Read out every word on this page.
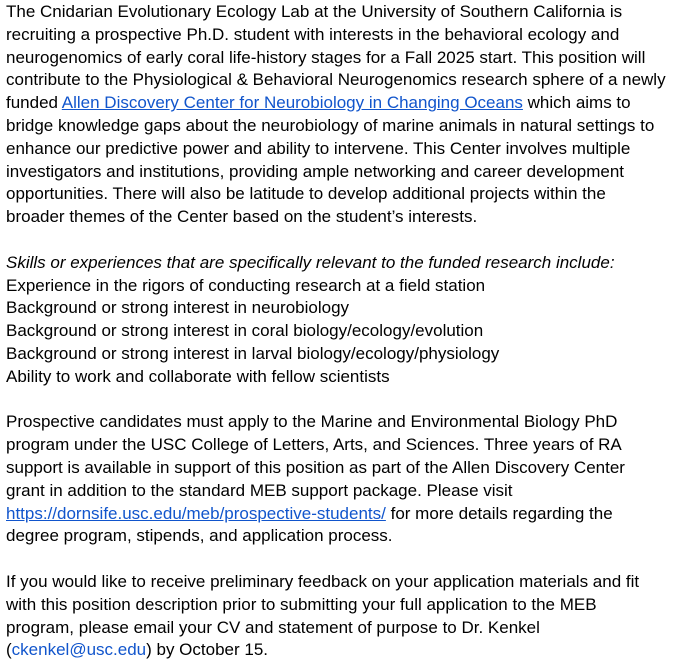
The Cnidarian Evolutionary Ecology Lab at the University of Southern California is

recruiting a prospective Ph.D. student with interests in the behavioral ecology and

neurogenomics of early coral life-history stages for a Fall 2025 start. This position will

contribute to the Physiological & Behavioral Neurogenomics research sphere of a newly

funded Allen Discovery Center for Neurobiology in Changing Oceans which aims to

bridge knowledge gaps about the neurobiology of marine animals in natural settings to

enhance our predictive power and ability to intervene. This Center involves multiple

investigators and institutions, providing ample networking and career development

opportunities. There will also be latitude to develop additional projects within the

broader themes of the Center based on the student’s interests.

Skills or experiences that are specifically relevant to the funded research include:

Experience in the rigors of conducting research at a field station

Background or strong interest in neurobiology

Background or strong interest in coral biology/ecology/evolution

Background or strong interest in larval biology/ecology/physiology

Ability to work and collaborate with fellow scientists

Prospective candidates must apply to the Marine and Environmental Biology PhD

program under the USC College of Letters, Arts, and Sciences. Three years of RA

support is available in support of this position as part of the Allen Discovery Center

grant in addition to the standard MEB support package. Please visit

https://dornsife.usc.edu/meb/prospective-students/ for more details regarding the

degree program, stipends, and application process.

If you would like to receive preliminary feedback on your application materials and fit

with this position description prior to submitting your full application to the MEB

program, please email your CV and statement of purpose to Dr. Kenkel

(ckenkel@usc.edu) by October 15.
